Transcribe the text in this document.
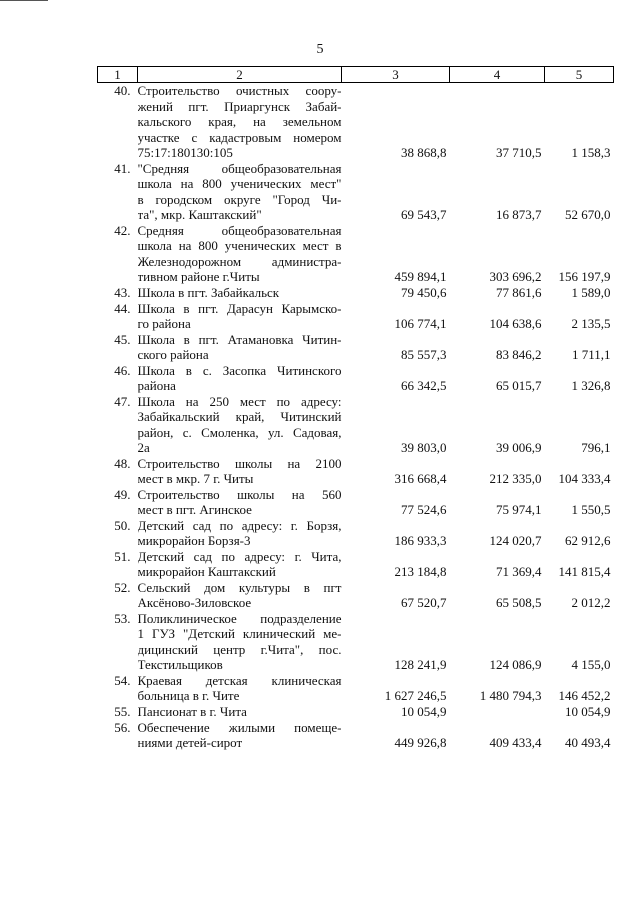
5
1	2	3	4	5
40.	Строительство очистных соору-
жений пгт. Приаргунск Забай-
кальского края, на земельном
участке с кадастровым номером
75:17:180130:105	38 868,8	37 710,5	1 158,3
41.	"Средняя общеобразовательная
школа на 800 ученических мест"
в городском округе "Город Чи-
та", мкр. Каштакский"	69 543,7	16 873,7	52 670,0
42.	Средняя общеобразовательная
школа на 800 ученических мест в
Железнодорожном администра-
тивном районе г.Читы	459 894,1	303 696,2	156 197,9
43.	Школа в пгт. Забайкальск	79 450,6	77 861,6	1 589,0
44.	Школа в пгт. Дарасун Карымско-
го района	106 774,1	104 638,6	2 135,5
45.	Школа в пгт. Атамановка Читин-
ского района	85 557,3	83 846,2	1 711,1
46.	Школа в с. Засопка Читинского
района	66 342,5	65 015,7	1 326,8
47.	Школа на 250 мест по адресу:
Забайкальский край, Читинский
район, с. Смоленка, ул. Садовая,
2а	39 803,0	39 006,9	796,1
48.	Строительство школы на 2100
мест в мкр. 7 г. Читы	316 668,4	212 335,0	104 333,4
49.	Строительство школы на 560
мест в пгт. Агинское	77 524,6	75 974,1	1 550,5
50.	Детский сад по адресу: г. Борзя,
микрорайон Борзя-3	186 933,3	124 020,7	62 912,6
51.	Детский сад по адресу: г. Чита,
микрорайон Каштакский	213 184,8	71 369,4	141 815,4
52.	Сельский дом культуры в пгт
Аксёново-Зиловское	67 520,7	65 508,5	2 012,2
53.	Поликлиническое подразделение
1 ГУЗ "Детский клинический ме-
дицинский центр г.Чита", пос.
Текстильщиков	128 241,9	124 086,9	4 155,0
54.	Краевая детская клиническая
больница в г. Чите	1 627 246,5	1 480 794,3	146 452,2
55.	Пансионат в г. Чита	10 054,9		10 054,9
56.	Обеспечение жилыми помеще-
ниями детей-сирот	449 926,8	409 433,4	40 493,4
